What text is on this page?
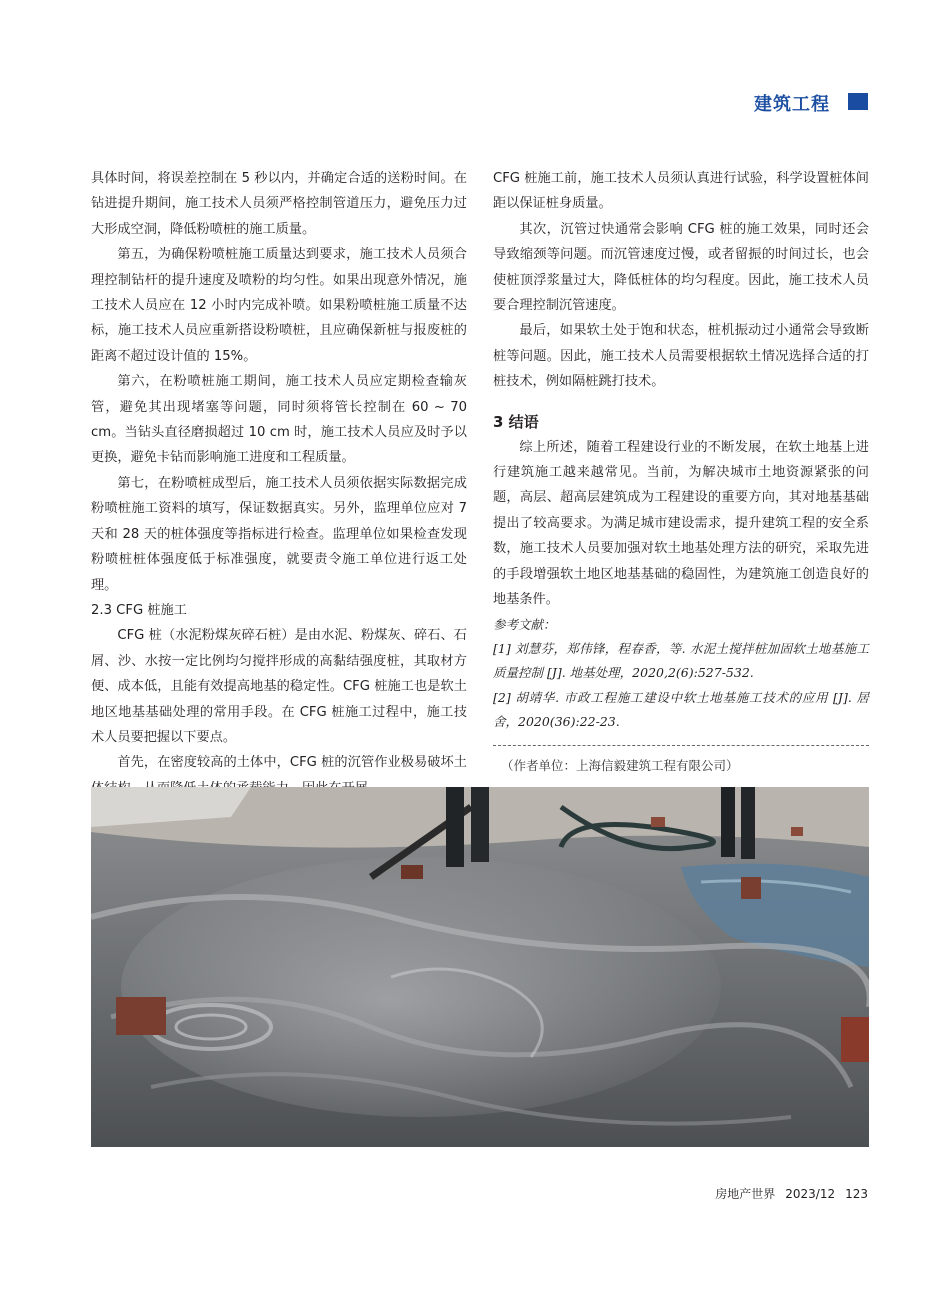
建筑工程

具体时间，将误差控制在 5 秒以内，并确定合适的送粉时间。在钻进提升期间，施工技术人员须严格控制管道压力，避免压力过大形成空洞，降低粉喷桩的施工质量。

第五，为确保粉喷桩施工质量达到要求，施工技术人员须合理控制钻杆的提升速度及喷粉的均匀性。如果出现意外情况，施工技术人员应在 12 小时内完成补喷。如果粉喷桩施工质量不达标，施工技术人员应重新搭设粉喷桩，且应确保新桩与报废桩的距离不超过设计值的 15%。

第六，在粉喷桩施工期间，施工技术人员应定期检查输灰管，避免其出现堵塞等问题，同时须将管长控制在 60 ~ 70 cm。当钻头直径磨损超过 10 cm 时，施工技术人员应及时予以更换，避免卡钻而影响施工进度和工程质量。

第七，在粉喷桩成型后，施工技术人员须依据实际数据完成粉喷桩施工资料的填写，保证数据真实。另外，监理单位应对 7 天和 28 天的桩体强度等指标进行检查。监理单位如果检查发现粉喷桩桩体强度低于标准强度，就要责令施工单位进行返工处理。

2.3 CFG 桩施工

CFG 桩（水泥粉煤灰碎石桩）是由水泥、粉煤灰、碎石、石屑、沙、水按一定比例均匀搅拌形成的高黏结强度桩，其取材方便、成本低，且能有效提高地基的稳定性。CFG 桩施工也是软土地区地基基础处理的常用手段。在 CFG 桩施工过程中，施工技术人员要把握以下要点。

首先，在密度较高的土体中，CFG 桩的沉管作业极易破坏土

CFG 桩施工前，施工技术人员须认真进行试验，科学设置桩体间距以保证桩身质量。

其次，沉管过快通常会影响 CFG 桩的施工效果，同时还会导致缩颈等问题。而沉管速度过慢，或者留振的时间过长，也会使桩顶浮浆量过大，降低桩体的均匀程度。因此，施工技术人员要合理控制沉管速度。

最后，如果软土处于饱和状态，桩机振动过小通常会导致断桩等问题。因此，施工技术人员需要根据软土情况选择合适的打桩技术，例如隔桩跳打技术。

3 结语

综上所述，随着工程建设行业的不断发展，在软土地基上进行建筑施工越来越常见。当前，为解决城市土地资源紧张的问题，高层、超高层建筑成为工程建设的重要方向，其对地基基础提出了较高要求。为满足城市建设需求，提升建筑工程的安全系数，施工技术人员要加强对软土地基处理方法的研究，采取先进的手段增强软土地区地基基础的稳固性，为建筑施工创造良好的地基条件。

参考文献：

[1] 刘慧芬，郑伟锋，程春香，等. 水泥土搅拌桩加固软土地基施工质量控制 [J]. 地基处理，2020,2(6):527-532.

[2] 胡靖华. 市政工程施工建设中软土地基施工技术的应用 [J]. 居舍，2020(36):22-23.

（作者单位：上海信毅建筑工程有限公司）

房地产世界 2023/12 123
